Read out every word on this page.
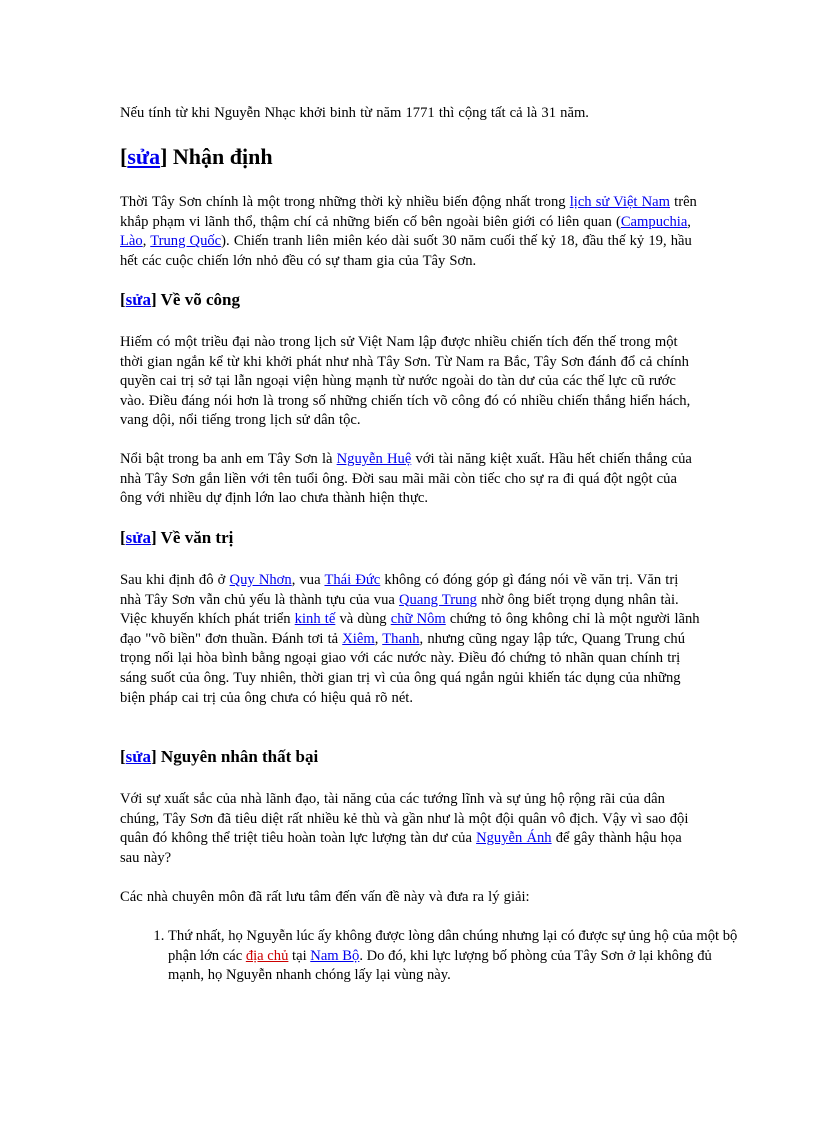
Nếu tính từ khi Nguyễn Nhạc khởi binh từ năm 1771 thì cộng tất cả là 31 năm.

[sửa] Nhận định

Thời Tây Sơn chính là một trong những thời kỳ nhiều biến động nhất trong lịch sử Việt Nam trên khắp phạm vi lãnh thổ, thậm chí cả những biến cố bên ngoài biên giới có liên quan (Campuchia, Lào, Trung Quốc). Chiến tranh liên miên kéo dài suốt 30 năm cuối thế kỷ 18, đầu thế kỷ 19, hầu hết các cuộc chiến lớn nhỏ đều có sự tham gia của Tây Sơn.

[sửa] Về võ công

Hiếm có một triều đại nào trong lịch sử Việt Nam lập được nhiều chiến tích đến thế trong một thời gian ngắn kể từ khi khởi phát như nhà Tây Sơn. Từ Nam ra Bắc, Tây Sơn đánh đổ cả chính quyền cai trị sở tại lẫn ngoại viện hùng mạnh từ nước ngoài do tàn dư của các thế lực cũ rước vào. Điều đáng nói hơn là trong số những chiến tích võ công đó có nhiều chiến thắng hiển hách, vang dội, nổi tiếng trong lịch sử dân tộc.

Nổi bật trong ba anh em Tây Sơn là Nguyễn Huệ với tài năng kiệt xuất. Hầu hết chiến thắng của nhà Tây Sơn gắn liền với tên tuổi ông. Đời sau mãi mãi còn tiếc cho sự ra đi quá đột ngột của ông với nhiều dự định lớn lao chưa thành hiện thực.

[sửa] Về văn trị

Sau khi định đô ở Quy Nhơn, vua Thái Đức không có đóng góp gì đáng nói về văn trị. Văn trị nhà Tây Sơn vẫn chủ yếu là thành tựu của vua Quang Trung nhờ ông biết trọng dụng nhân tài. Việc khuyến khích phát triển kinh tế và dùng chữ Nôm chứng tỏ ông không chỉ là một người lãnh đạo "võ biền" đơn thuần. Đánh tơi tả Xiêm, Thanh, nhưng cũng ngay lập tức, Quang Trung chú trọng nối lại hòa bình bằng ngoại giao với các nước này. Điều đó chứng tỏ nhãn quan chính trị sáng suốt của ông. Tuy nhiên, thời gian trị vì của ông quá ngắn ngủi khiến tác dụng của những biện pháp cai trị của ông chưa có hiệu quả rõ nét.

[sửa] Nguyên nhân thất bại

Với sự xuất sắc của nhà lãnh đạo, tài năng của các tướng lĩnh và sự ủng hộ rộng rãi của dân chúng, Tây Sơn đã tiêu diệt rất nhiều kẻ thù và gần như là một đội quân vô địch. Vậy vì sao đội quân đó không thể triệt tiêu hoàn toàn lực lượng tàn dư của Nguyễn Ánh để gây thành hậu họa sau này?

Các nhà chuyên môn đã rất lưu tâm đến vấn đề này và đưa ra lý giải:

1. Thứ nhất, họ Nguyễn lúc ấy không được lòng dân chúng nhưng lại có được sự ủng hộ của một bộ phận lớn các địa chủ tại Nam Bộ. Do đó, khi lực lượng bố phòng của Tây Sơn ở lại không đủ mạnh, họ Nguyễn nhanh chóng lấy lại vùng này.
